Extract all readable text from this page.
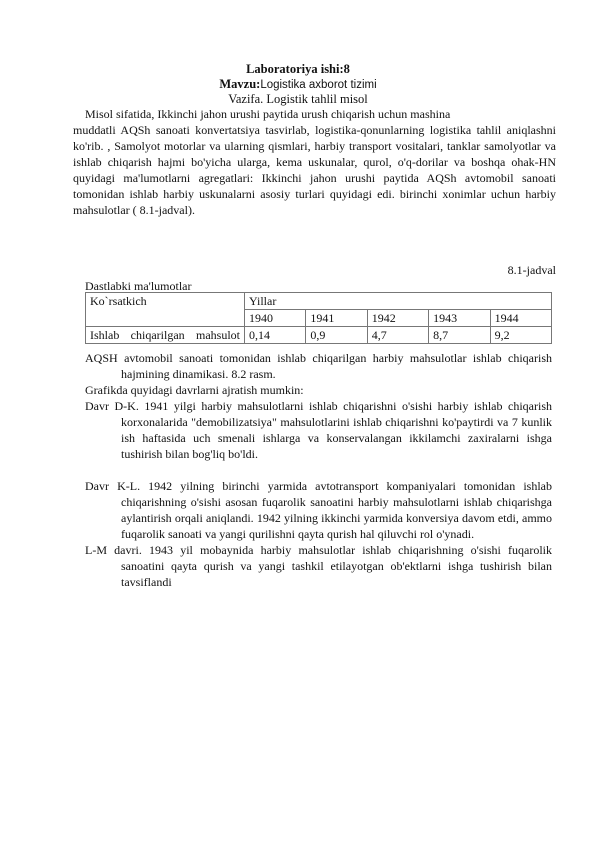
Laboratoriya ishi:8
Mavzu:Logistika axborot tizimi
Vazifa. Logistik tahlil misol
Misol sifatida, Ikkinchi jahon urushi paytida urush chiqarish uchun mashina
muddatli AQSh sanoati konvertatsiya tasvirlab, logistika-qonunlarning logistika tahlil aniqlashni ko'rib. , Samolyot motorlar va ularning qismlari, harbiy transport vositalari, tanklar samolyotlar va ishlab chiqarish hajmi bo'yicha ularga, kema uskunalar, qurol, o'q-dorilar va boshqa ohak-HN quyidagi ma'lumotlarni agregatlari: Ikkinchi jahon urushi paytida AQSh avtomobil sanoati tomonidan ishlab harbiy uskunalarni asosiy turlari quyidagi edi. birinchi xonimlar uchun harbiy mahsulotlar ( 8.1-jadval).
8.1-jadval
Dastlabki ma'lumotlar
Ko`rsatkich	Yillar				
	1940	1941	1942	1943	1944
Ishlab chiqarilgan mahsulot	0,14	0,9	4,7	8,7	9,2
AQSH avtomobil sanoati tomonidan ishlab chiqarilgan harbiy mahsulotlar ishlab chiqarish hajmining dinamikasi. 8.2 rasm.
Grafikda quyidagi davrlarni ajratish mumkin:
Davr D-K. 1941 yilgi harbiy mahsulotlarni ishlab chiqarishni o'sishi harbiy ishlab chiqarish korxonalarida "demobilizatsiya" mahsulotlarini ishlab chiqarishni ko'paytirdi va 7 kunlik ish haftasida uch smenali ishlarga va konservalangan ikkilamchi zaxiralarni ishga tushirish bilan bog'liq bo'ldi.
Davr K-L. 1942 yilning birinchi yarmida avtotransport kompaniyalari tomonidan ishlab chiqarishning o'sishi asosan fuqarolik sanoatini harbiy mahsulotlarni ishlab chiqarishga aylantirish orqali aniqlandi. 1942 yilning ikkinchi yarmida konversiya davom etdi, ammo fuqarolik sanoati va yangi qurilishni qayta qurish hal qiluvchi rol o'ynadi.
L-M davri. 1943 yil mobaynida harbiy mahsulotlar ishlab chiqarishning o'sishi fuqarolik sanoatini qayta qurish va yangi tashkil etilayotgan ob'ektlarni ishga tushirish bilan tavsiflandi
